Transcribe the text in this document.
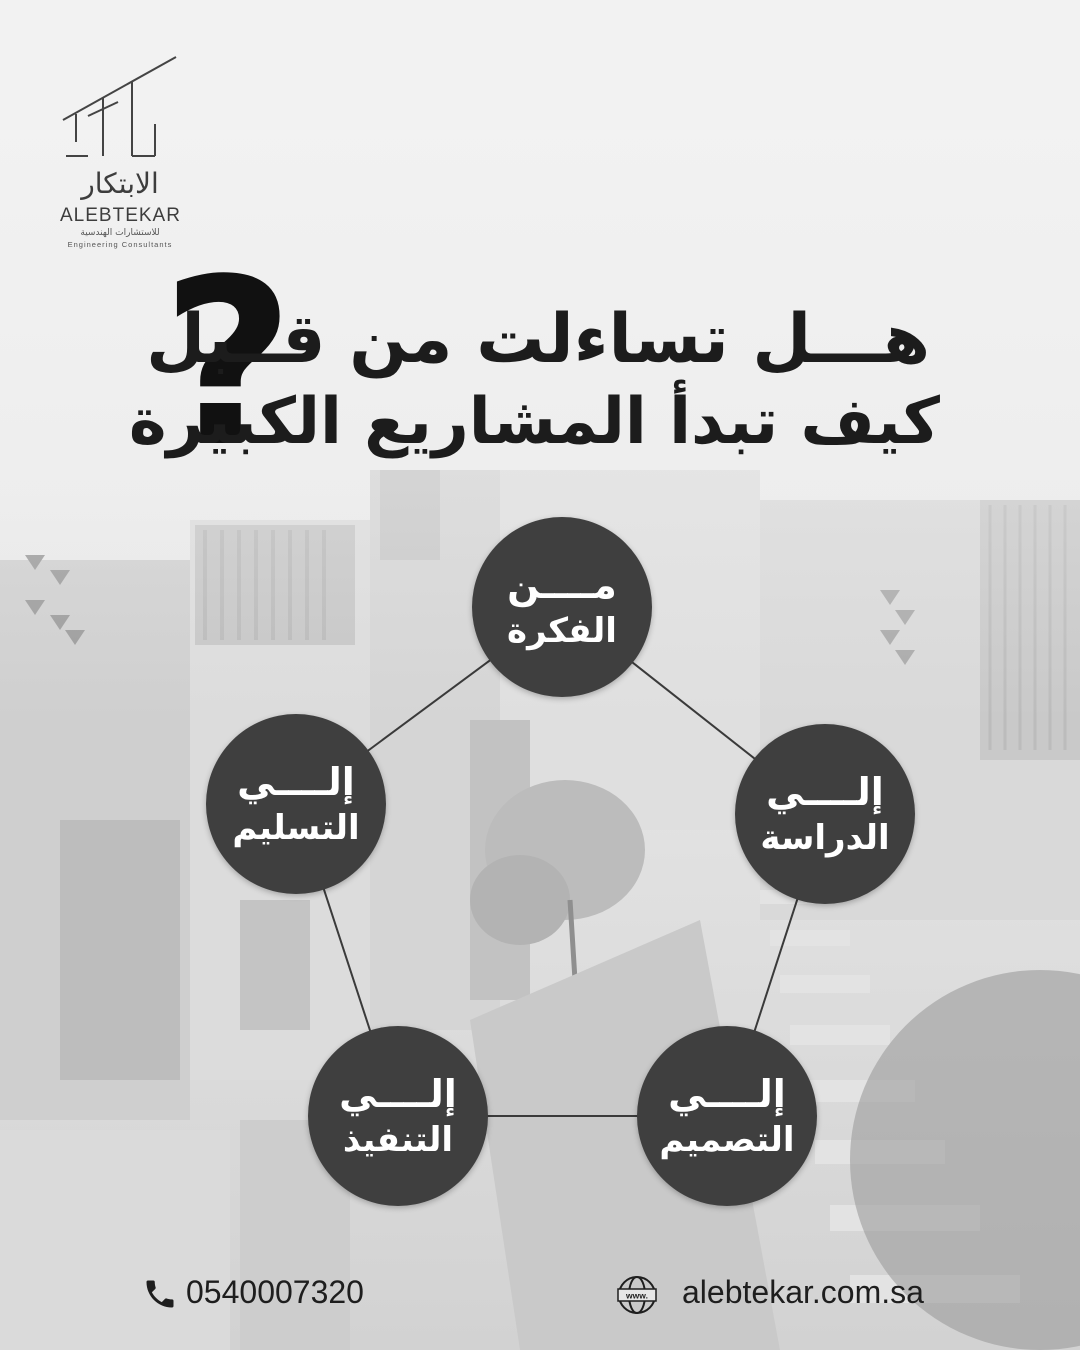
الابتكار
ALEBTEKAR
للاستشارات الهندسية
Engineering Consultants
؟
هـــل تساءلت من قــبل
كيف تبدأ المشاريع الكبيرة
مــــن
الفكرة
إلــــي
الدراسة
إلــــي
التصميم
إلــــي
التنفيذ
إلــــي
التسليم
0540007320	www. alebtekar.com.sa
